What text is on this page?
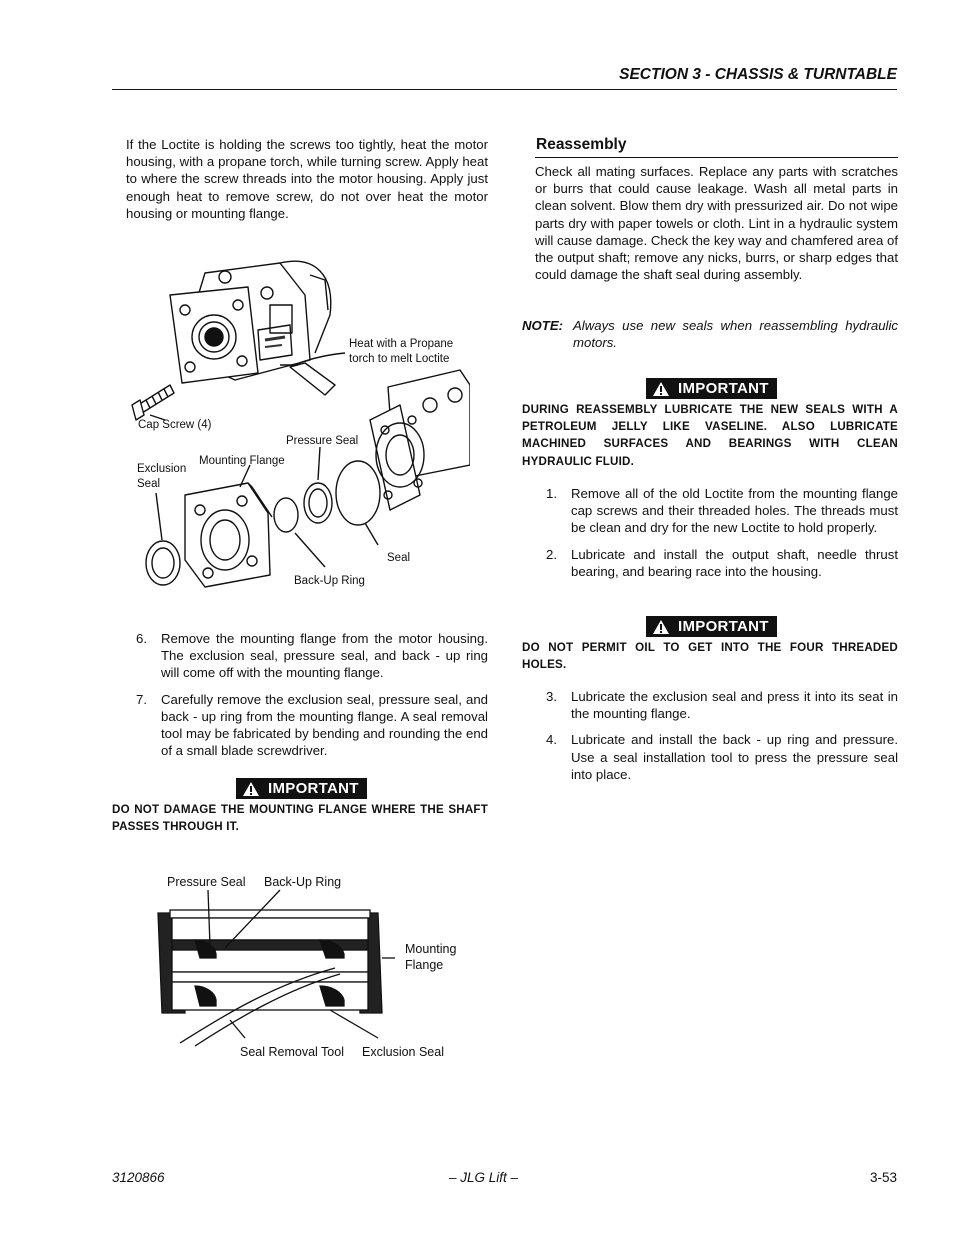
SECTION 3 - CHASSIS & TURNTABLE

If the Loctite is holding the screws too tightly, heat the motor housing, with a propane torch, while turning screw. Apply heat to where the screw threads into the motor housing. Apply just enough heat to remove screw, do not over heat the motor housing or mounting flange.

Heat with a Propane
torch to melt Loctite
Cap Screw (4)
Pressure Seal
Mounting Flange
Exclusion
Seal
Seal
Back-Up Ring
6.	Remove the mounting flange from the motor housing. The exclusion seal, pressure seal, and back - up ring will come off with the mounting flange.
7.	Carefully remove the exclusion seal, pressure seal, and back - up ring from the mounting flange. A seal removal tool may be fabricated by bending and rounding the end of a small blade screwdriver.
IMPORTANT

DO NOT DAMAGE THE MOUNTING FLANGE WHERE THE SHAFT PASSES THROUGH IT.

Pressure Seal Back-Up Ring
Mounting
Flange
Seal Removal Tool Exclusion Seal
Reassembly

Check all mating surfaces. Replace any parts with scratches or burrs that could cause leakage. Wash all metal parts in clean solvent. Blow them dry with pressurized air. Do not wipe parts dry with paper towels or cloth. Lint in a hydraulic system will cause damage. Check the key way and chamfered area of the output shaft; remove any nicks, burrs, or sharp edges that could damage the shaft seal during assembly.

NOTE: Always use new seals when reassembling hydraulic motors.
IMPORTANT

DURING REASSEMBLY LUBRICATE THE NEW SEALS WITH A PETROLEUM JELLY LIKE VASELINE. ALSO LUBRICATE MACHINED SURFACES AND BEARINGS WITH CLEAN HYDRAULIC FLUID.

1.	Remove all of the old Loctite from the mounting flange cap screws and their threaded holes. The threads must be clean and dry for the new Loctite to hold properly.
2.	Lubricate and install the output shaft, needle thrust bearing, and bearing race into the housing.
IMPORTANT

DO NOT PERMIT OIL TO GET INTO THE FOUR THREADED HOLES.

3.	Lubricate the exclusion seal and press it into its seat in the mounting flange.
4.	Lubricate and install the back - up ring and pressure. Use a seal installation tool to press the pressure seal into place.
3120866	– JLG Lift –	3-53
